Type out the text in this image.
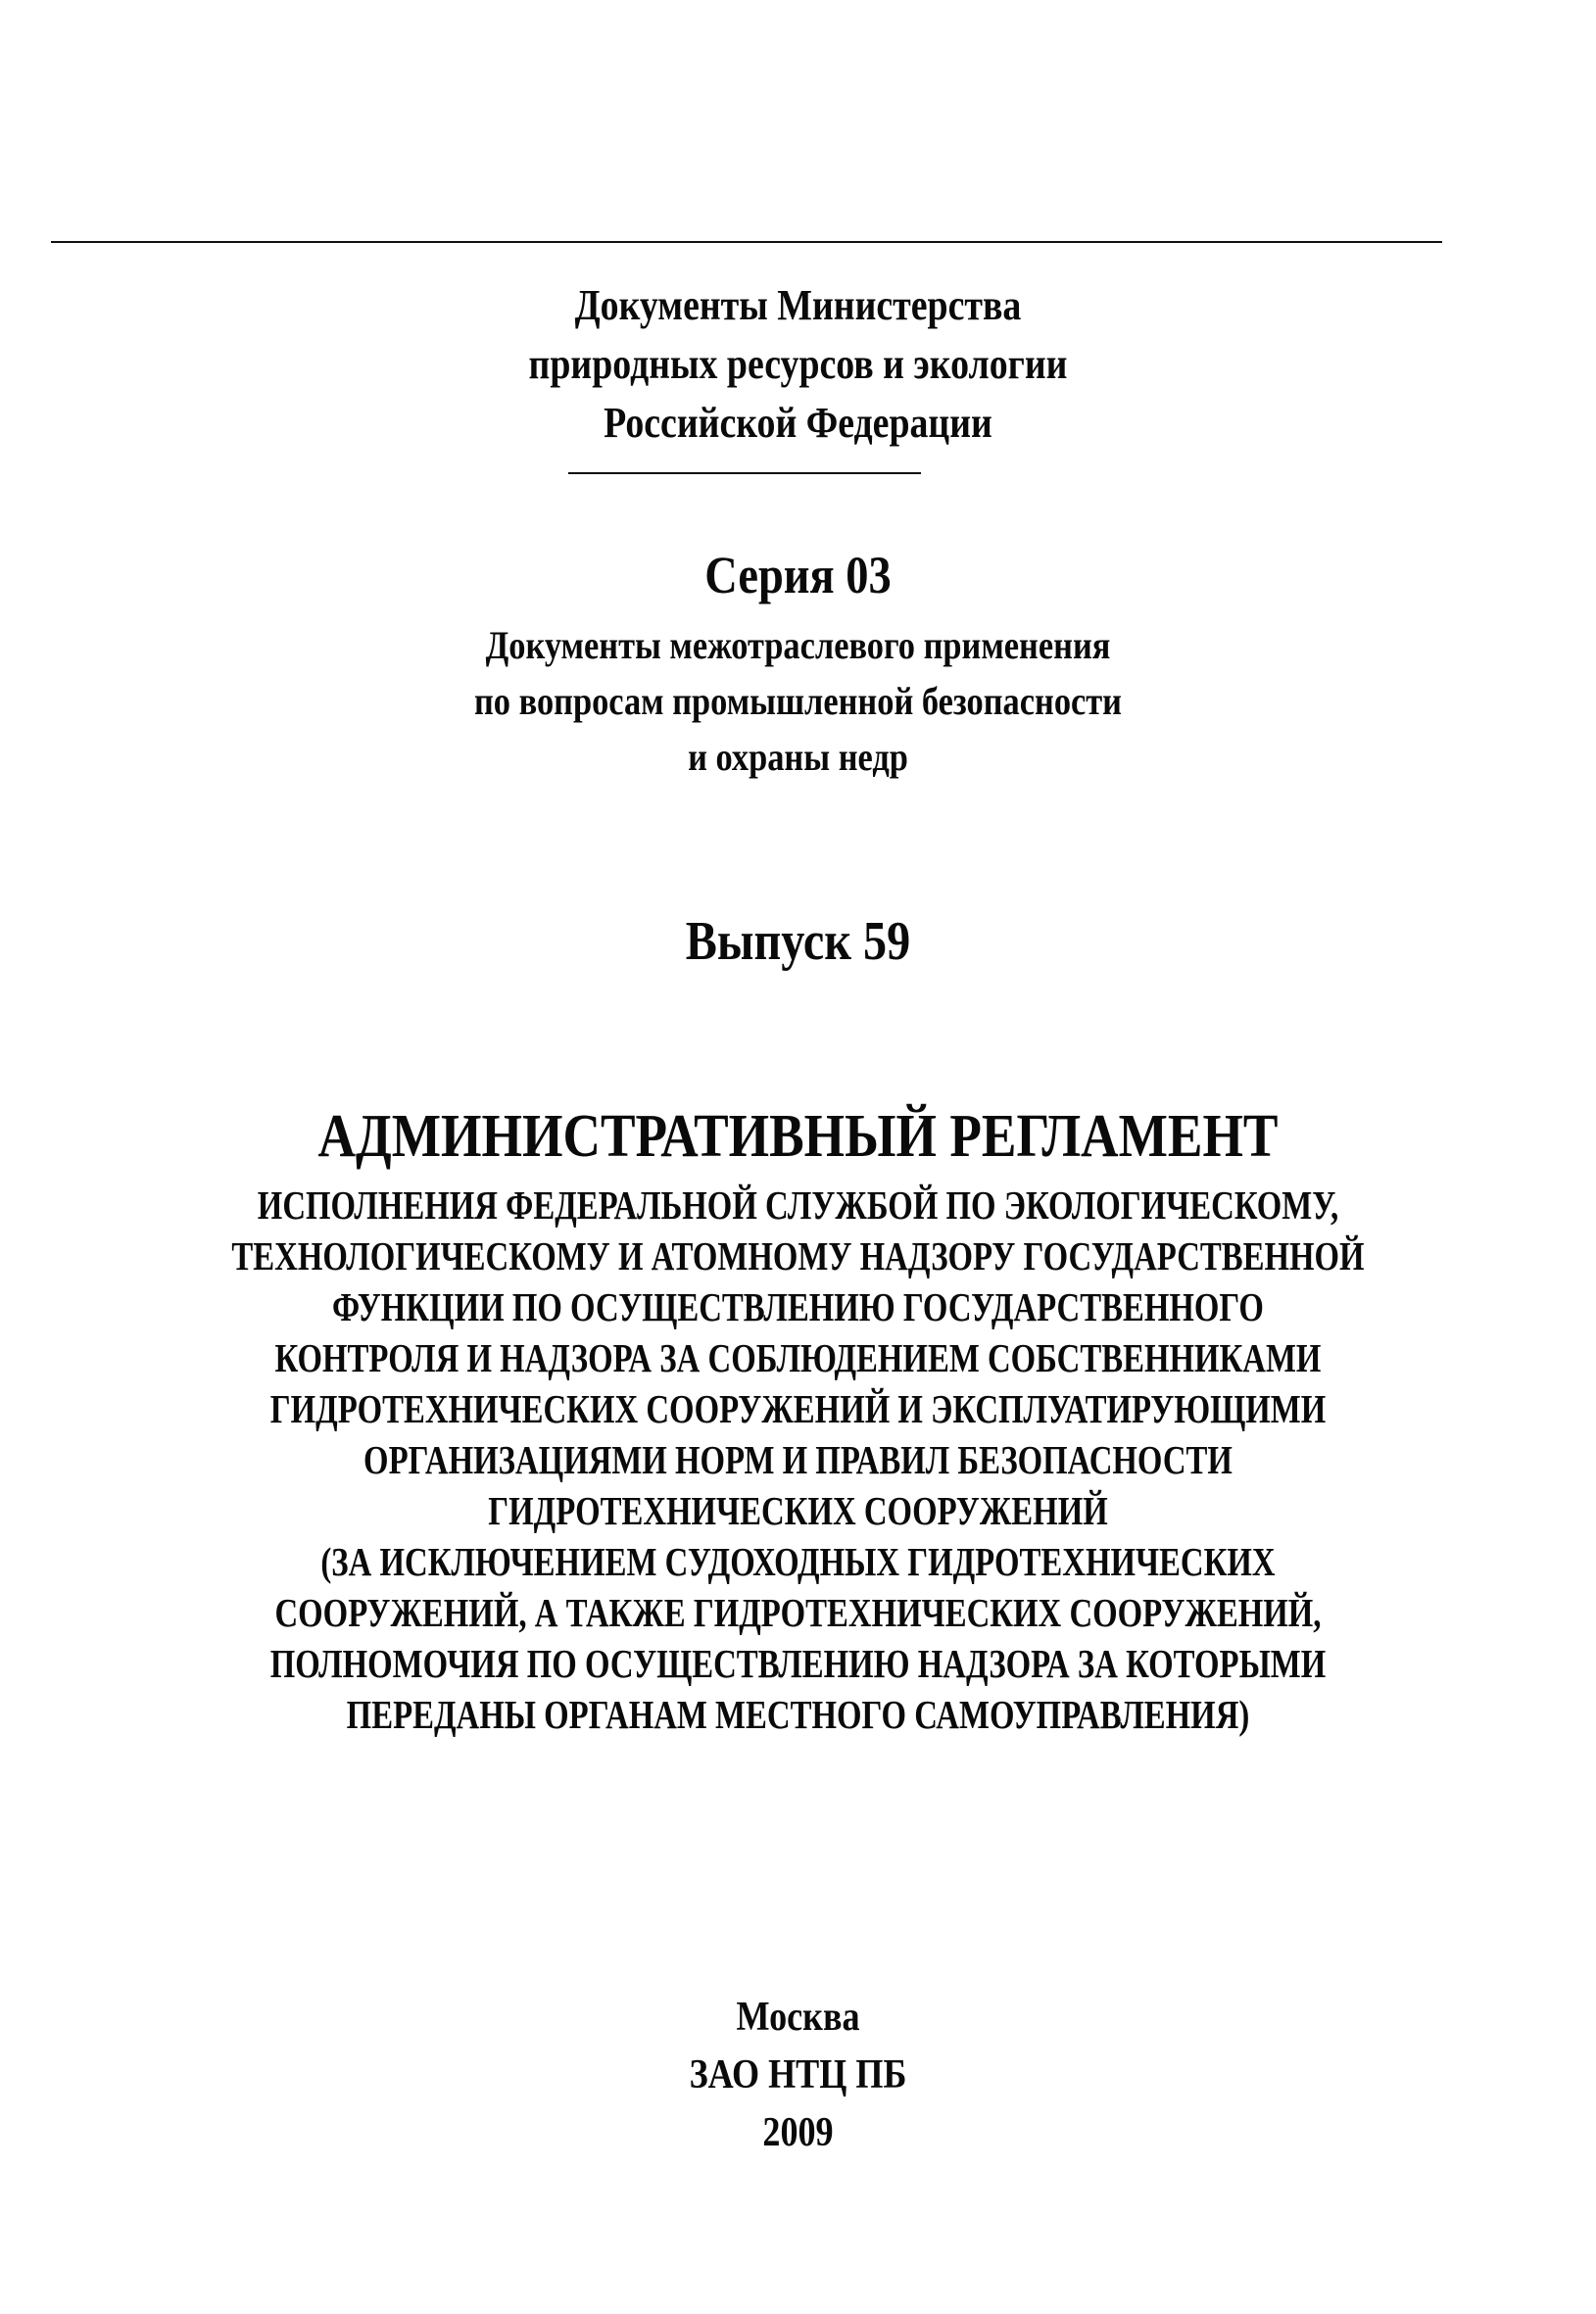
Документы Министерства
природных ресурсов и экологии
Российской Федерации
Серия 03
Документы межотраслевого применения
по вопросам промышленной безопасности
и охраны недр
Выпуск 59
АДМИНИСТРАТИВНЫЙ РЕГЛАМЕНТ
ИСПОЛНЕНИЯ ФЕДЕРАЛЬНОЙ СЛУЖБОЙ ПО ЭКОЛОГИЧЕСКОМУ,
ТЕХНОЛОГИЧЕСКОМУ И АТОМНОМУ НАДЗОРУ ГОСУДАРСТВЕННОЙ
ФУНКЦИИ ПО ОСУЩЕСТВЛЕНИЮ ГОСУДАРСТВЕННОГО
КОНТРОЛЯ И НАДЗОРА ЗА СОБЛЮДЕНИЕМ СОБСТВЕННИКАМИ
ГИДРОТЕХНИЧЕСКИХ СООРУЖЕНИЙ И ЭКСПЛУАТИРУЮЩИМИ
ОРГАНИЗАЦИЯМИ НОРМ И ПРАВИЛ БЕЗОПАСНОСТИ
ГИДРОТЕХНИЧЕСКИХ СООРУЖЕНИЙ
(ЗА ИСКЛЮЧЕНИЕМ СУДОХОДНЫХ ГИДРОТЕХНИЧЕСКИХ
СООРУЖЕНИЙ, А ТАКЖЕ ГИДРОТЕХНИЧЕСКИХ СООРУЖЕНИЙ,
ПОЛНОМОЧИЯ ПО ОСУЩЕСТВЛЕНИЮ НАДЗОРА ЗА КОТОРЫМИ
ПЕРЕДАНЫ ОРГАНАМ МЕСТНОГО САМОУПРАВЛЕНИЯ)
Москва
ЗАО НТЦ ПБ
2009
